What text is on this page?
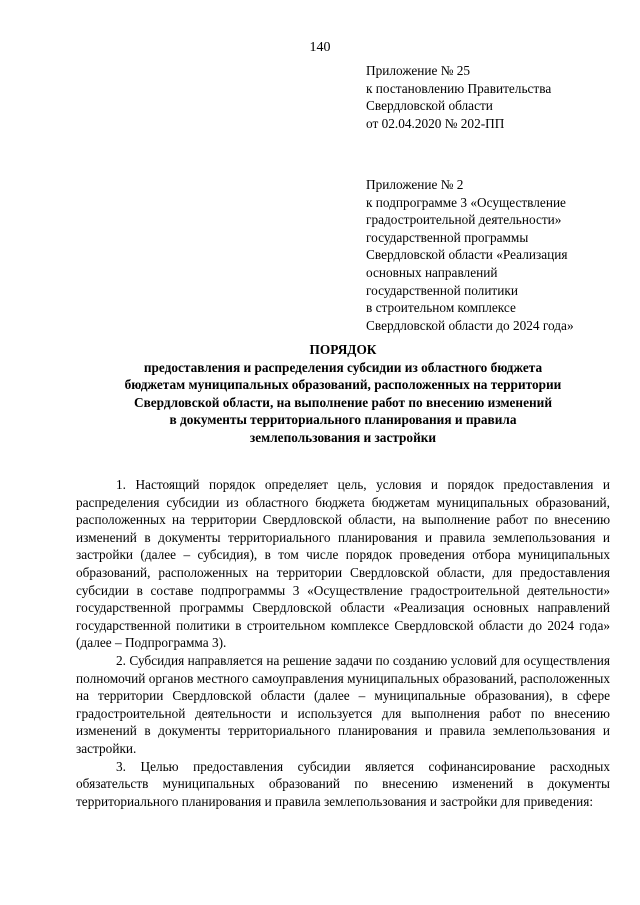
140
Приложение № 25
к постановлению Правительства
Свердловской области
от 02.04.2020 № 202-ПП
Приложение № 2
к подпрограмме 3 «Осуществление
градостроительной деятельности»
государственной программы
Свердловской области «Реализация
основных направлений
государственной политики
в строительном комплексе
Свердловской области до 2024 года»
ПОРЯДОК
предоставления и распределения субсидии из областного бюджета
бюджетам муниципальных образований, расположенных на территории
Свердловской области, на выполнение работ по внесению изменений
в документы территориального планирования и правила
землепользования и застройки

1. Настоящий порядок определяет цель, условия и порядок предоставления и распределения субсидии из областного бюджета бюджетам муниципальных образований, расположенных на территории Свердловской области, на выполнение работ по внесению изменений в документы территориального планирования и правила землепользования и застройки (далее – субсидия), в том числе порядок проведения отбора муниципальных образований, расположенных на территории Свердловской области, для предоставления субсидии в составе подпрограммы 3 «Осуществление градостроительной деятельности» государственной программы Свердловской области «Реализация основных направлений государственной политики в строительном комплексе Свердловской области до 2024 года» (далее – Подпрограмма 3).

2. Субсидия направляется на решение задачи по созданию условий для осуществления полномочий органов местного самоуправления муниципальных образований, расположенных на территории Свердловской области (далее – муниципальные образования), в сфере градостроительной деятельности и используется для выполнения работ по внесению изменений в документы территориального планирования и правила землепользования и застройки.

3. Целью предоставления субсидии является софинансирование расходных обязательств муниципальных образований по внесению изменений в документы территориального планирования и правила землепользования и застройки для приведения:
